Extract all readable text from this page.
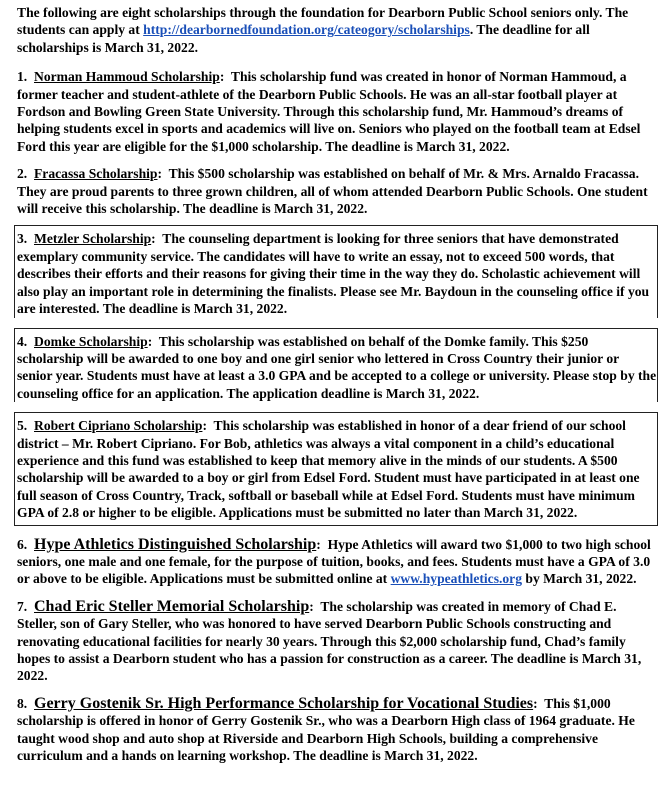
The following are eight scholarships through the foundation for Dearborn Public School seniors only. The students can apply at http://dearbornedfoundation.org/cateogory/scholarships. The deadline for all scholarships is March 31, 2022.

1. Norman Hammoud Scholarship: This scholarship fund was created in honor of Norman Hammoud, a former teacher and student-athlete of the Dearborn Public Schools. He was an all-star football player at Fordson and Bowling Green State University. Through this scholarship fund, Mr. Hammoud’s dreams of helping students excel in sports and academics will live on. Seniors who played on the football team at Edsel Ford this year are eligible for the $1,000 scholarship. The deadline is March 31, 2022.

2. Fracassa Scholarship: This $500 scholarship was established on behalf of Mr. & Mrs. Arnaldo Fracassa. They are proud parents to three grown children, all of whom attended Dearborn Public Schools. One student will receive this scholarship. The deadline is March 31, 2022.

3. Metzler Scholarship: The counseling department is looking for three seniors that have demonstrated exemplary community service. The candidates will have to write an essay, not to exceed 500 words, that describes their efforts and their reasons for giving their time in the way they do. Scholastic achievement will also play an important role in determining the finalists. Please see Mr. Baydoun in the counseling office if you are interested. The deadline is March 31, 2022.

4. Domke Scholarship: This scholarship was established on behalf of the Domke family. This $250 scholarship will be awarded to one boy and one girl senior who lettered in Cross Country their junior or senior year. Students must have at least a 3.0 GPA and be accepted to a college or university. Please stop by the counseling office for an application. The application deadline is March 31, 2022.

5. Robert Cipriano Scholarship: This scholarship was established in honor of a dear friend of our school district – Mr. Robert Cipriano. For Bob, athletics was always a vital component in a child’s educational experience and this fund was established to keep that memory alive in the minds of our students. A $500 scholarship will be awarded to a boy or girl from Edsel Ford. Student must have participated in at least one full season of Cross Country, Track, softball or baseball while at Edsel Ford. Students must have minimum GPA of 2.8 or higher to be eligible. Applications must be submitted no later than March 31, 2022.

6. Hype Athletics Distinguished Scholarship: Hype Athletics will award two $1,000 to two high school seniors, one male and one female, for the purpose of tuition, books, and fees. Students must have a GPA of 3.0 or above to be eligible. Applications must be submitted online at www.hypeathletics.org by March 31, 2022.

7. Chad Eric Steller Memorial Scholarship: The scholarship was created in memory of Chad E. Steller, son of Gary Steller, who was honored to have served Dearborn Public Schools constructing and renovating educational facilities for nearly 30 years. Through this $2,000 scholarship fund, Chad’s family hopes to assist a Dearborn student who has a passion for construction as a career. The deadline is March 31, 2022.

8. Gerry Gostenik Sr. High Performance Scholarship for Vocational Studies: This $1,000 scholarship is offered in honor of Gerry Gostenik Sr., who was a Dearborn High class of 1964 graduate. He taught wood shop and auto shop at Riverside and Dearborn High Schools, building a comprehensive curriculum and a hands on learning workshop. The deadline is March 31, 2022.
